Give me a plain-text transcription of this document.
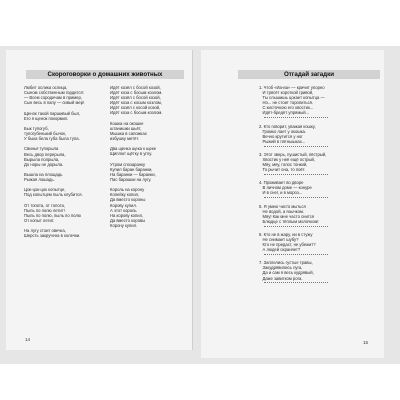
Скороговорки о домашних животных
Любит ослика ослица,
Сыном собственным гордится:
— Всем сородичам в пример,
Сын весь в папу — сивый мер!
Щенок такой паршивый был,
Его я щенок покормил.
Бык тупогуб,
тупогубенький бычок,
У быка бела губа была тупа.
Свинья тупорыла
Весь двор перерыла,
Вырыла полрыла,
До норы не дорыла.
Вышла на площадь
Рыжая лошадь.
Цок-цок-цок копытце,
Под копытцем пыль клубится.
От топота, от топота,
Пыль по полю летит!
Пыль по полю, пыль по полю
От копыт летит.
На лугу стоит овечка,
Шерсть закручена в колечки.
Идёт козёл с босой козой,
Идёт коза с босым козлом.
Идёт козёл с босой козой,
Идёт коза с косым козлом,
Идёт козёл с косой козой,
Идёт коза с босым козлом.
Кошка на окошке
штанишки шьёт,
Мышка в сапожках
избушку метёт.
Два щенка щека к щеке
Щиплют щётку в углу.
Утром спозаранку
Купил баран баранки,
На баранки — баранки,
Пас барашки на лугу.
Король на корону
Копейку копил,
Да вместо короны
Корову купил.
А этот король
На корову копил,
Да вместо коровы
Корону купил.
14
Отгадай загадки
1. Чтоб «Иа-иа» — кричит упорно
И трясёт короткой гривой,
Ты слышишь цокает копытца —
Но... не стоит торопиться.
С кисточкою его хвостик...
Идёт-бредёт упрямый...
2. Кто говорит, уважая кошку,
Громко лает у окошка.
Вечно крутится у ног
Рыжий в пятнышках...
3. Этот зверь, пушистый, пёстрый,
Хвостик у неё ещё острый,
Мяу, мяу, голос тонкий,
То рычит она, то поёт.
4. Проживает во дворе
В личном доме — конуре
И в снег, и в мороз...
5. Я умею чисто мыться
Не водой, а язычком.
Мяу! Как мне часто снится
Блюдце с тёплым молочком!
6. Кто не в жару, ни в стужу
Не снимает шубу?
Кто не предаст, не убежит?
А людей охраняет?
7. Заплелись густые травы,
Закудрявились луга,
Да и сам я весь кудрявый,
Даже завитком рога.
15
